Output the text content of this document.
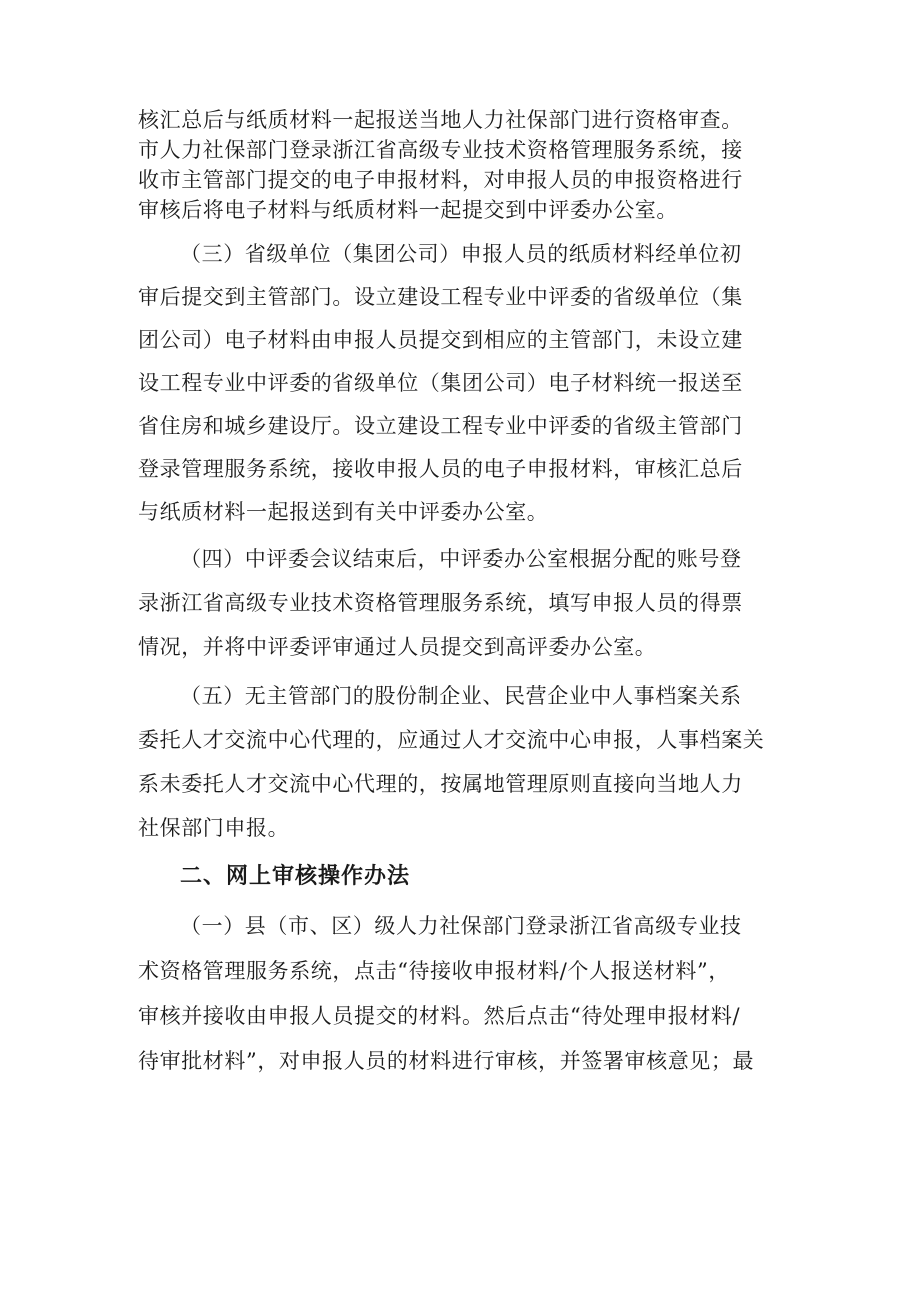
核汇总后与纸质材料一起报送当地人力社保部门进行资格审查。
市人力社保部门登录浙江省高级专业技术资格管理服务系统，接
收市主管部门提交的电子申报材料，对申报人员的申报资格进行
审核后将电子材料与纸质材料一起提交到中评委办公室。
（三）省级单位（集团公司）申报人员的纸质材料经单位初
审后提交到主管部门。设立建设工程专业中评委的省级单位（集
团公司）电子材料由申报人员提交到相应的主管部门，未设立建
设工程专业中评委的省级单位（集团公司）电子材料统一报送至
省住房和城乡建设厅。设立建设工程专业中评委的省级主管部门
登录管理服务系统，接收申报人员的电子申报材料，审核汇总后
与纸质材料一起报送到有关中评委办公室。
（四）中评委会议结束后，中评委办公室根据分配的账号登
录浙江省高级专业技术资格管理服务系统，填写申报人员的得票
情况，并将中评委评审通过人员提交到高评委办公室。
（五）无主管部门的股份制企业、民营企业中人事档案关系
委托人才交流中心代理的，应通过人才交流中心申报，人事档案关
系未委托人才交流中心代理的，按属地管理原则直接向当地人力
社保部门申报。
二、网上审核操作办法
（一）县（市、区）级人力社保部门登录浙江省高级专业技
术资格管理服务系统，点击“待接收申报材料/个人报送材料”，
审核并接收由申报人员提交的材料。然后点击“待处理申报材料/
待审批材料”，对申报人员的材料进行审核，并签署审核意见；最
